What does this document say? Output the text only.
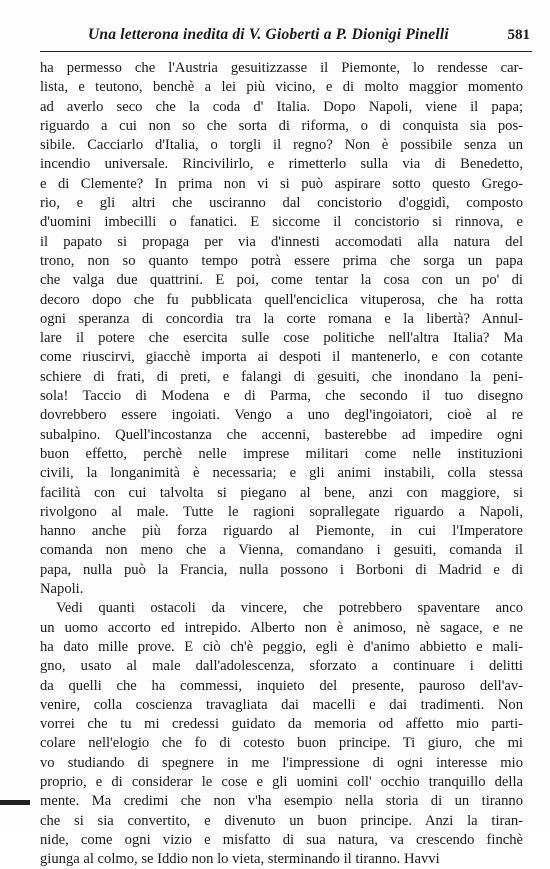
Una letterona inedita di V. Gioberti a P. Dionigi Pinelli	581
ha permesso che l'Austria gesuitizzasse il Piemonte, lo rendesse car-
lista, e teutono, benchè a lei più vicino, e di molto maggior momento
ad averlo seco che la coda d' Italia. Dopo Napoli, viene il papa;
riguardo a cui non so che sorta di riforma, o di conquista sia pos-
sibile. Cacciarlo d'Italia, o torgli il regno? Non è possibile senza un
incendio universale. Rincivilirlo, e rimetterlo sulla via di Benedetto,
e di Clemente? In prima non vi si può aspirare sotto questo Grego-
rio, e gli altri che usciranno dal concistorio d'oggidì, composto
d'uomini imbecilli o fanatici. E siccome il concistorio si rinnova, e
il papato si propaga per via d'innesti accomodati alla natura del
trono, non so quanto tempo potrà essere prima che sorga un papa
che valga due quattrini. E poi, come tentar la cosa con un po' di
decoro dopo che fu pubblicata quell'enciclica vituperosa, che ha rotta
ogni speranza di concordia tra la corte romana e la libertà? Annul-
lare il potere che esercita sulle cose politiche nell'altra Italia? Ma
come riuscirvi, giacchè importa ai despoti il mantenerlo, e con cotante
schiere di frati, di preti, e falangi di gesuiti, che inondano la peni-
sola! Taccio di Modena e di Parma, che secondo il tuo disegno
dovrebbero essere ingoiati. Vengo a uno degl'ingoiatori, cioè al re
subalpino. Quell'incostanza che accenni, basterebbe ad impedire ogni
buon effetto, perchè nelle imprese militari come nelle instituzioni
civili, la longanimità è necessaria; e gli animi instabili, colla stessa
facilità con cui talvolta si piegano al bene, anzi con maggiore, si
rivolgono al male. Tutte le ragioni soprallegate riguardo a Napoli,
hanno anche più forza riguardo al Piemonte, in cui l'Imperatore
comanda non meno che a Vienna, comandano i gesuiti, comanda il
papa, nulla può la Francia, nulla possono i Borboni di Madrid e di
Napoli.
Vedi quanti ostacoli da vincere, che potrebbero spaventare anco
un uomo accorto ed intrepido. Alberto non è animoso, nè sagace, e ne
ha dato mille prove. E ciò ch'è peggio, egli è d'animo abbietto e mali-
gno, usato al male dall'adolescenza, sforzato a continuare i delitti
da quelli che ha commessi, inquieto del presente, pauroso dell'av-
venire, colla coscienza travagliata dai macelli e dai tradimenti. Non
vorrei che tu mi credessi guidato da memoria od affetto mio parti-
colare nell'elogio che fo di cotesto buon principe. Ti giuro, che mi
vo studiando di spegnere in me l'impressione di ogni interesse mio
proprio, e di considerar le cose e gli uomini coll' occhio tranquillo della
mente. Ma credimi che non v'ha esempio nella storia di un tiranno
che si sia convertito, e divenuto un buon principe. Anzi la tiran-
nide, come ogni vizio e misfatto di sua natura, va crescendo finchè
giunga al colmo, se Iddio non lo vieta, sterminando il tiranno. Havvi
